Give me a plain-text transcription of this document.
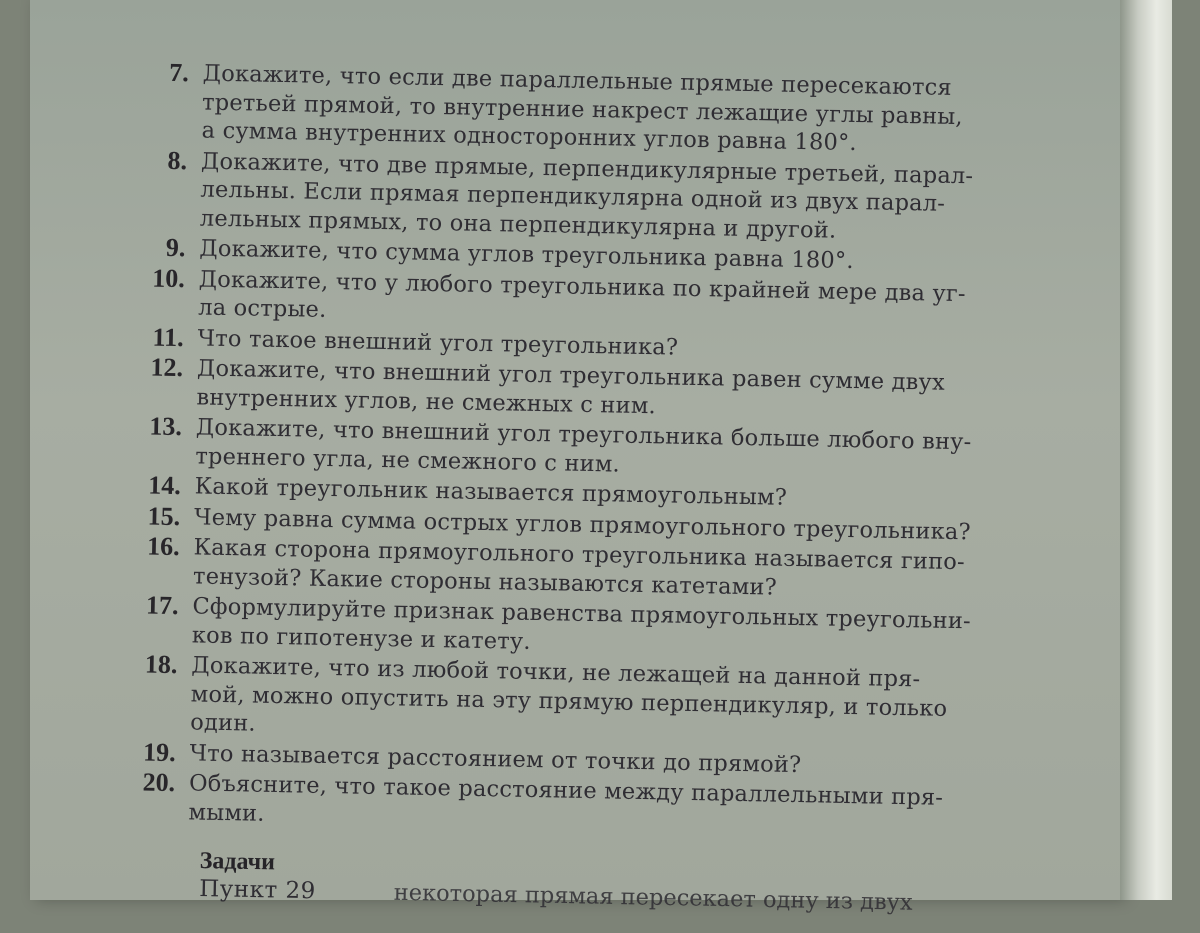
7. Докажите, что если две параллельные прямые пересекаются
третьей прямой, то внутренние накрест лежащие углы равны,
а сумма внутренних односторонних углов равна 180°.
8. Докажите, что две прямые, перпендикулярные третьей, парал-
лельны. Если прямая перпендикулярна одной из двух парал-
лельных прямых, то она перпендикулярна и другой.
9. Докажите, что сумма углов треугольника равна 180°.
10. Докажите, что у любого треугольника по крайней мере два уг-
ла острые.
11. Что такое внешний угол треугольника?
12. Докажите, что внешний угол треугольника равен сумме двух
внутренних углов, не смежных с ним.
13. Докажите, что внешний угол треугольника больше любого вну-
треннего угла, не смежного с ним.
14. Какой треугольник называется прямоугольным?
15. Чему равна сумма острых углов прямоугольного треугольника?
16. Какая сторона прямоугольного треугольника называется гипо-
тенузой? Какие стороны называются катетами?
17. Сформулируйте признак равенства прямоугольных треугольни-
ков по гипотенузе и катету.
18. Докажите, что из любой точки, не лежащей на данной пря-
мой, можно опустить на эту прямую перпендикуляр, и только
один.
19. Что называется расстоянием от точки до прямой?
20. Объясните, что такое расстояние между параллельными пря-
мыми.
Задачи
Пункт 29	некоторая прямая пересекает одну из двух
